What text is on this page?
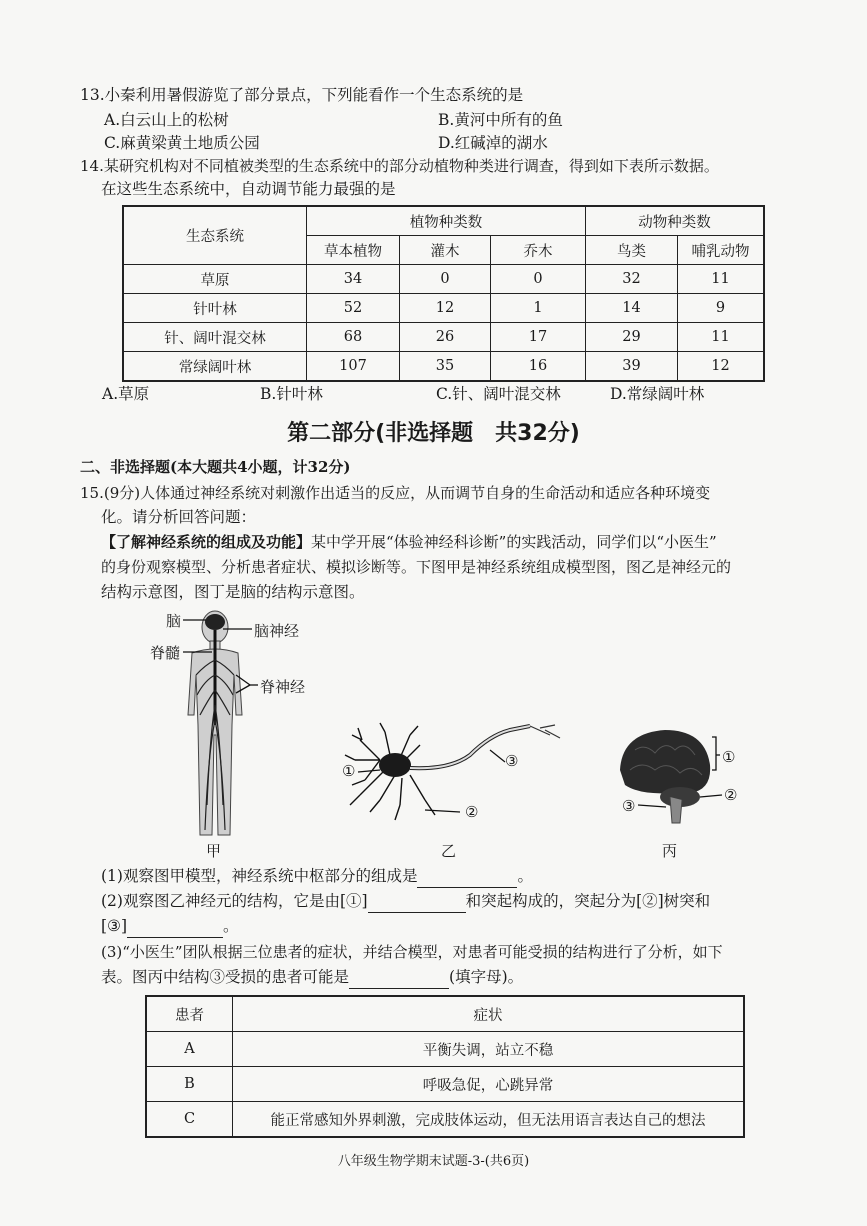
13.小秦利用暑假游览了部分景点，下列能看作一个生态系统的是
A.白云山上的松树	B.黄河中所有的鱼
C.麻黄梁黄土地质公园	D.红碱淖的湖水
14.某研究机构对不同植被类型的生态系统中的部分动植物种类进行调查，得到如下表所示数据。
在这些生态系统中，自动调节能力最强的是
生态系统	植物种类数			动物种类数	
	草本植物	灌木	乔木	鸟类	哺乳动物
草原	34	0	0	32	11
针叶林	52	12	1	14	9
针、阔叶混交林	68	26	17	29	11
常绿阔叶林	107	35	16	39	12
A.草原	B.针叶林	C.针、阔叶混交林	D.常绿阔叶林
第二部分(非选择题　共32分)
二、非选择题(本大题共4小题，计32分)
15.(9分)人体通过神经系统对刺激作出适当的反应，从而调节自身的生命活动和适应各种环境变
化。请分析回答问题：
【了解神经系统的组成及功能】某中学开展“体验神经科诊断”的实践活动，同学们以“小医生”
的身份观察模型、分析患者症状、模拟诊断等。下图甲是神经系统组成模型图，图乙是神经元的
结构示意图，图丁是脑的结构示意图。
脑
脑神经
脊髓
脊神经
①
②
③	①
②
③
甲	乙	丙
(1)观察图甲模型，神经系统中枢部分的组成是	。
(2)观察图乙神经元的结构，它是由[①]	和突起构成的，突起分为[②]树突和
[③]	。
(3)“小医生”团队根据三位患者的症状，并结合模型，对患者可能受损的结构进行了分析，如下
表。图丙中结构③受损的患者可能是	(填字母)。
患者	症状
A	平衡失调，站立不稳
B	呼吸急促，心跳异常
C	能正常感知外界刺激，完成肢体运动，但无法用语言表达自己的想法
八年级生物学期末试题-3-(共6页)
